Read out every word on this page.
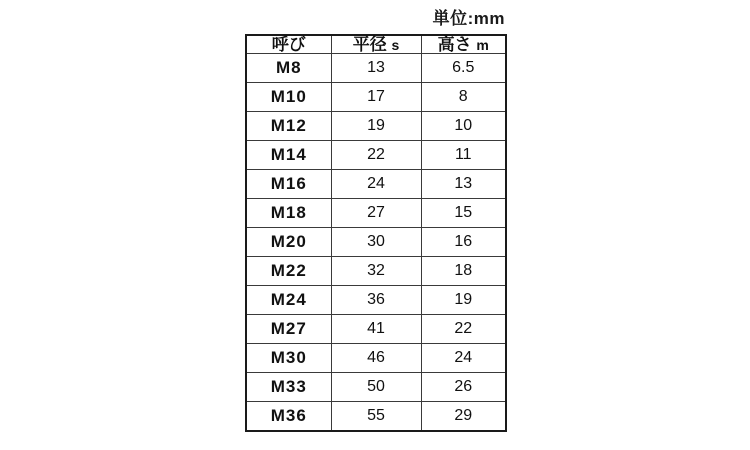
単位:mm
呼び	平径 s	高さ m
M8	13	6.5
M10	17	8
M12	19	10
M14	22	11
M16	24	13
M18	27	15
M20	30	16
M22	32	18
M24	36	19
M27	41	22
M30	46	24
M33	50	26
M36	55	29
